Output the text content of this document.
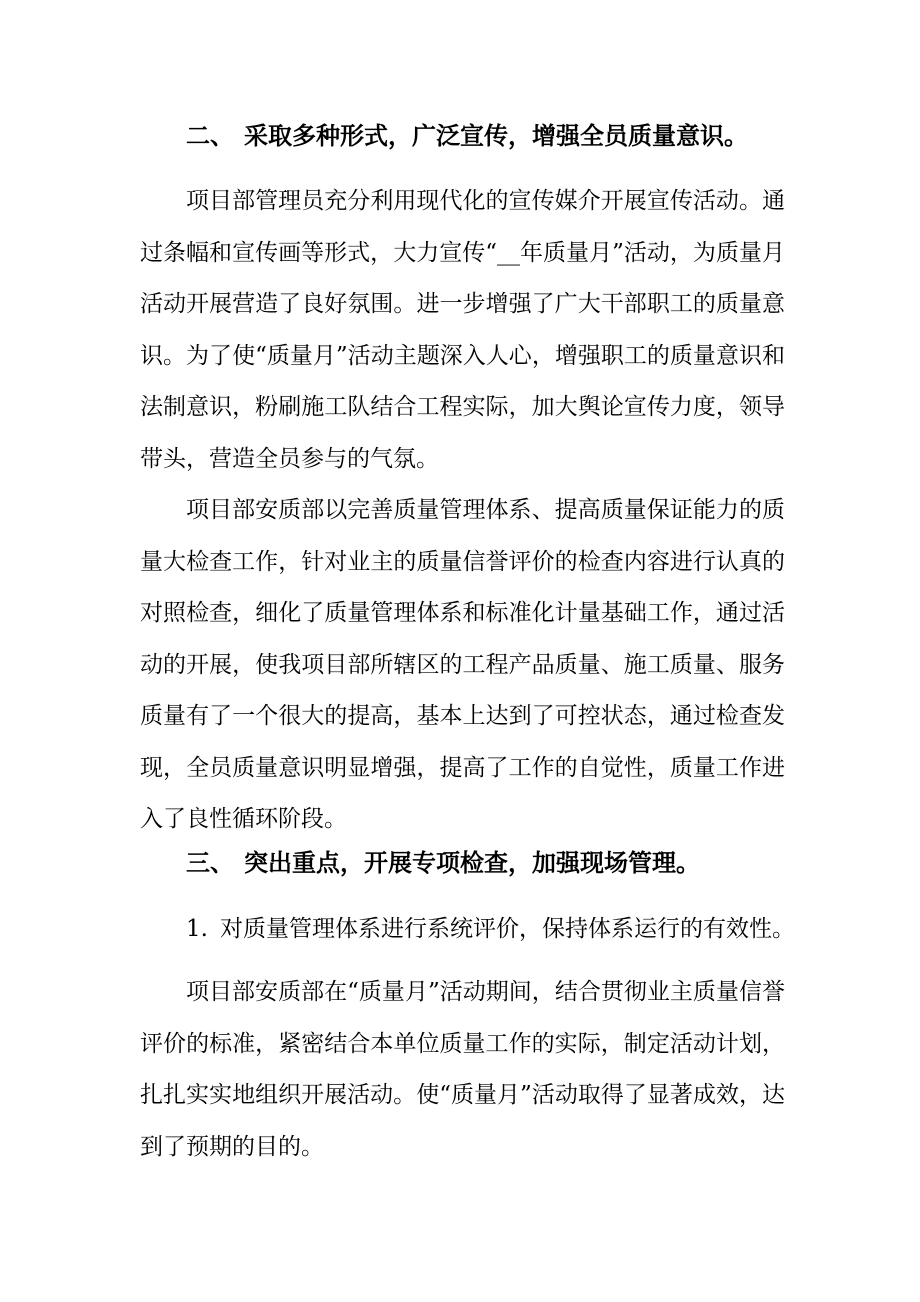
二、 采取多种形式，广泛宣传，增强全员质量意识。

项目部管理员充分利用现代化的宣传媒介开展宣传活动。通过条幅和宣传画等形式，大力宣传“__年质量月”活动，为质量月活动开展营造了良好氛围。进一步增强了广大干部职工的质量意识。为了使“质量月”活动主题深入人心，增强职工的质量意识和法制意识，粉刷施工队结合工程实际，加大舆论宣传力度，领导带头，营造全员参与的气氛。

项目部安质部以完善质量管理体系、提高质量保证能力的质量大检查工作，针对业主的质量信誉评价的检查内容进行认真的对照检查，细化了质量管理体系和标准化计量基础工作，通过活动的开展，使我项目部所辖区的工程产品质量、施工质量、服务质量有了一个很大的提高，基本上达到了可控状态，通过检查发现，全员质量意识明显增强，提高了工作的自觉性，质量工作进入了良性循环阶段。

三、 突出重点，开展专项检查，加强现场管理。

1. 对质量管理体系进行系统评价，保持体系运行的有效性。

项目部安质部在“质量月”活动期间，结合贯彻业主质量信誉评价的标准，紧密结合本单位质量工作的实际，制定活动计划，扎扎实实地组织开展活动。使“质量月”活动取得了显著成效，达到了预期的目的。
